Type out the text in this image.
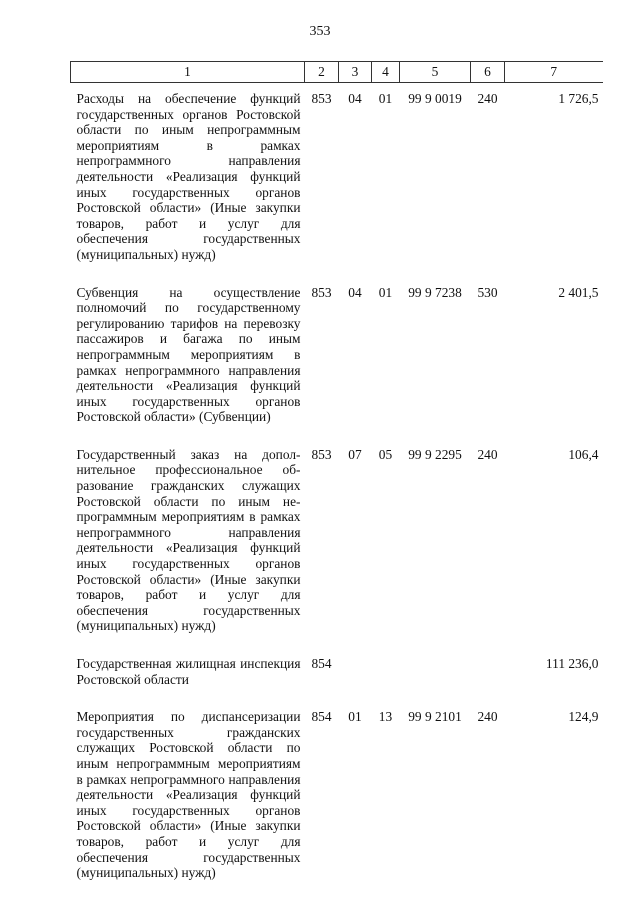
353
1	2	3	4	5	6	7
Расходы на обеспечение функций государственных органов Ростовской области по иным непрограммным мероприятиям в рамках непрограммного направления деятельности «Реализация функций иных государственных органов Ростовской области» (Иные закупки товаров, работ и услуг для обеспечения государственных (муниципальных) нужд)	853	04	01	99 9 0019	240	1 726,5
Субвенция на осуществление полномочий по государственному регулированию тарифов на перевозку пассажиров и багажа по иным непрограммным мероприятиям в рамках непрограммного направления деятельности «Реализация функций иных государственных органов Ростовской области» (Субвенции)	853	04	01	99 9 7238	530	2 401,5
Государственный заказ на дополнительное профессиональное образование гражданских служащих Ростовской области по иным непрограммным мероприятиям в рамках непрограммного направления деятельности «Реализация функций иных государственных органов Ростовской области» (Иные закупки товаров, работ и услуг для обеспечения государственных (муниципальных) нужд)	853	07	05	99 9 2295	240	106,4
Государственная жилищная инспекция Ростовской области	854					111 236,0
Мероприятия по диспансеризации государственных гражданских служащих Ростовской области по иным непрограммным мероприятиям в рамках непрограммного направления деятельности «Реализация функций иных государственных органов Ростовской области» (Иные закупки товаров, работ и услуг для обеспечения государственных (муниципальных) нужд)	854	01	13	99 9 2101	240	124,9
